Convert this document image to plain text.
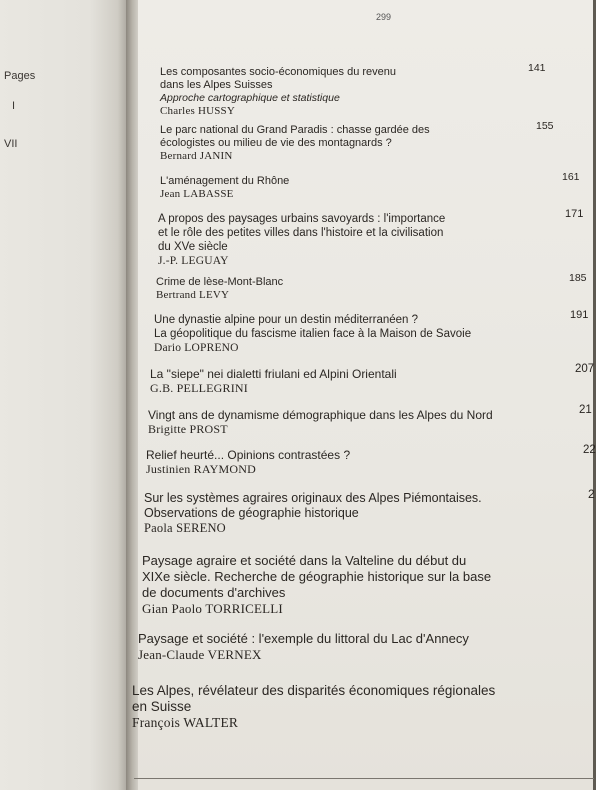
Pages
I
VII
299
Les composantes socio-économiques du revenu
dans les Alpes Suisses
Approche cartographique et statistique
Charles HUSSY
141
Le parc national du Grand Paradis : chasse gardée des
écologistes ou milieu de vie des montagnards ?
Bernard JANIN
155
L'aménagement du Rhône
Jean LABASSE
161
A propos des paysages urbains savoyards : l'importance
et le rôle des petites villes dans l'histoire et la civilisation
du XVe siècle
J.-P. LEGUAY
171
Crime de lèse-Mont-Blanc
Bertrand LEVY
185
Une dynastie alpine pour un destin méditerranéen ?
La géopolitique du fascisme italien face à la Maison de Savoie
Dario LOPRENO
191
La "siepe" nei dialetti friulani ed Alpini Orientali
G.B. PELLEGRINI
207
Vingt ans de dynamisme démographique dans les Alpes du Nord
Brigitte PROST
21
Relief heurté... Opinions contrastées ?
Justinien RAYMOND
22
Sur les systèmes agraires originaux des Alpes Piémontaises.
Observations de géographie historique
Paola SERENO
2
Paysage agraire et société dans la Valteline du début du
XIXe siècle. Recherche de géographie historique sur la base
de documents d'archives
Gian Paolo TORRICELLI
Paysage et société : l'exemple du littoral du Lac d'Annecy
Jean-Claude VERNEX
Les Alpes, révélateur des disparités économiques régionales
en Suisse
François WALTER
